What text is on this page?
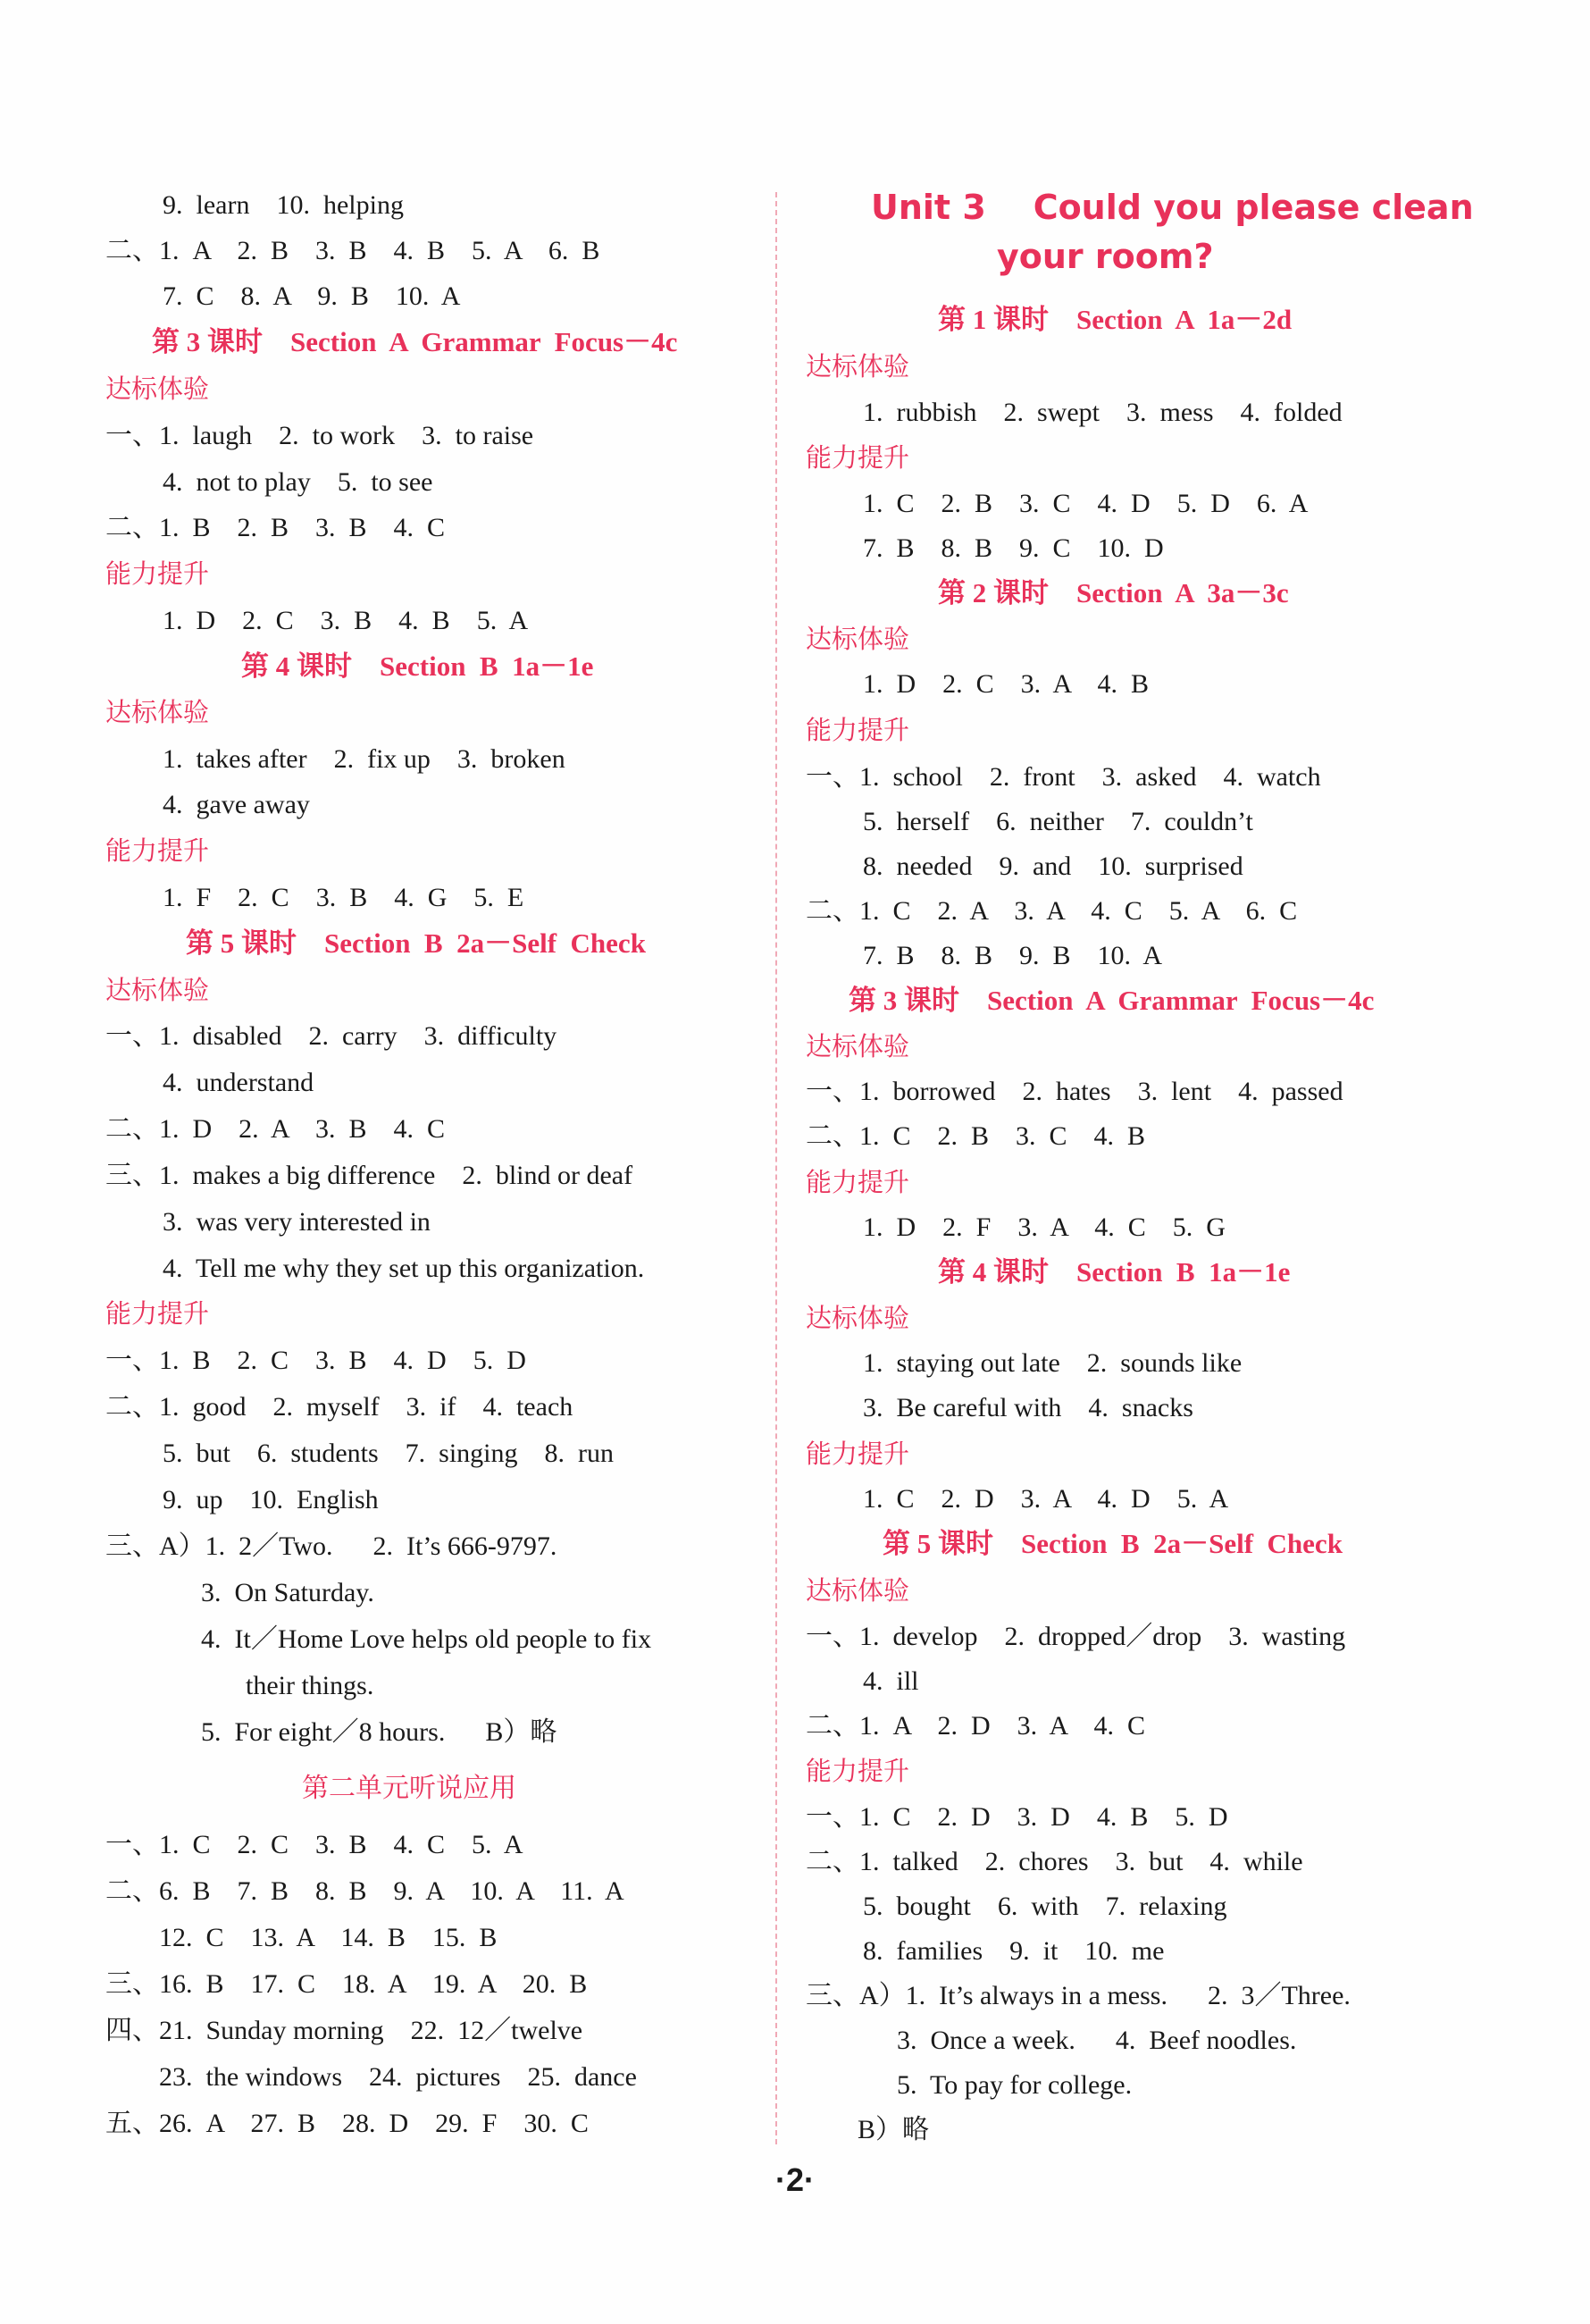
9.  learn    10.  helping
二、1.  A    2.  B    3.  B    4.  B    5.  A    6.  B
7.  C    8.  A    9.  B    10.  A
第 3 课时    Section  A  Grammar  Focus－4c
达标体验
一、1.  laugh    2.  to work    3.  to raise
4.  not to play    5.  to see
二、1.  B    2.  B    3.  B    4.  C
能力提升
1.  D    2.  C    3.  B    4.  B    5.  A
第 4 课时    Section  B  1a－1e
达标体验
1.  takes after    2.  fix up    3.  broken
4.  gave away
能力提升
1.  F    2.  C    3.  B    4.  G    5.  E
第 5 课时    Section  B  2a－Self  Check
达标体验
一、1.  disabled    2.  carry    3.  difficulty
4.  understand
二、1.  D    2.  A    3.  B    4.  C
三、1.  makes a big difference    2.  blind or deaf
3.  was very interested in
4.  Tell me why they set up this organization.
能力提升
一、1.  B    2.  C    3.  B    4.  D    5.  D
二、1.  good    2.  myself    3.  if    4.  teach
5.  but    6.  students    7.  singing    8.  run
9.  up    10.  English
三、A）1.  2／Two.      2.  It’s 666-9797.
3.  On Saturday.
4.  It／Home Love helps old people to fix
their things.
5.  For eight／8 hours.      B）略
第二单元听说应用
一、1.  C    2.  C    3.  B    4.  C    5.  A
二、6.  B    7.  B    8.  B    9.  A    10.  A    11.  A
12.  C    13.  A    14.  B    15.  B
三、16.  B    17.  C    18.  A    19.  A    20.  B
四、21.  Sunday morning    22.  12／twelve
23.  the windows    24.  pictures    25.  dance
五、26.  A    27.  B    28.  D    29.  F    30.  C
Unit 3    Could you please clean
your room?
第 1 课时    Section  A  1a－2d
达标体验
1.  rubbish    2.  swept    3.  mess    4.  folded
能力提升
1.  C    2.  B    3.  C    4.  D    5.  D    6.  A
7.  B    8.  B    9.  C    10.  D
第 2 课时    Section  A  3a－3c
达标体验
1.  D    2.  C    3.  A    4.  B
能力提升
一、1.  school    2.  front    3.  asked    4.  watch
5.  herself    6.  neither    7.  couldn’t
8.  needed    9.  and    10.  surprised
二、1.  C    2.  A    3.  A    4.  C    5.  A    6.  C
7.  B    8.  B    9.  B    10.  A
第 3 课时    Section  A  Grammar  Focus－4c
达标体验
一、1.  borrowed    2.  hates    3.  lent    4.  passed
二、1.  C    2.  B    3.  C    4.  B
能力提升
1.  D    2.  F    3.  A    4.  C    5.  G
第 4 课时    Section  B  1a－1e
达标体验
1.  staying out late    2.  sounds like
3.  Be careful with    4.  snacks
能力提升
1.  C    2.  D    3.  A    4.  D    5.  A
第 5 课时    Section  B  2a－Self  Check
达标体验
一、1.  develop    2.  dropped／drop    3.  wasting
4.  ill
二、1.  A    2.  D    3.  A    4.  C
能力提升
一、1.  C    2.  D    3.  D    4.  B    5.  D
二、1.  talked    2.  chores    3.  but    4.  while
5.  bought    6.  with    7.  relaxing
8.  families    9.  it    10.  me
三、A）1.  It’s always in a mess.      2.  3／Three.
3.  Once a week.      4.  Beef noodles.
5.  To pay for college.
B）略
·2·
